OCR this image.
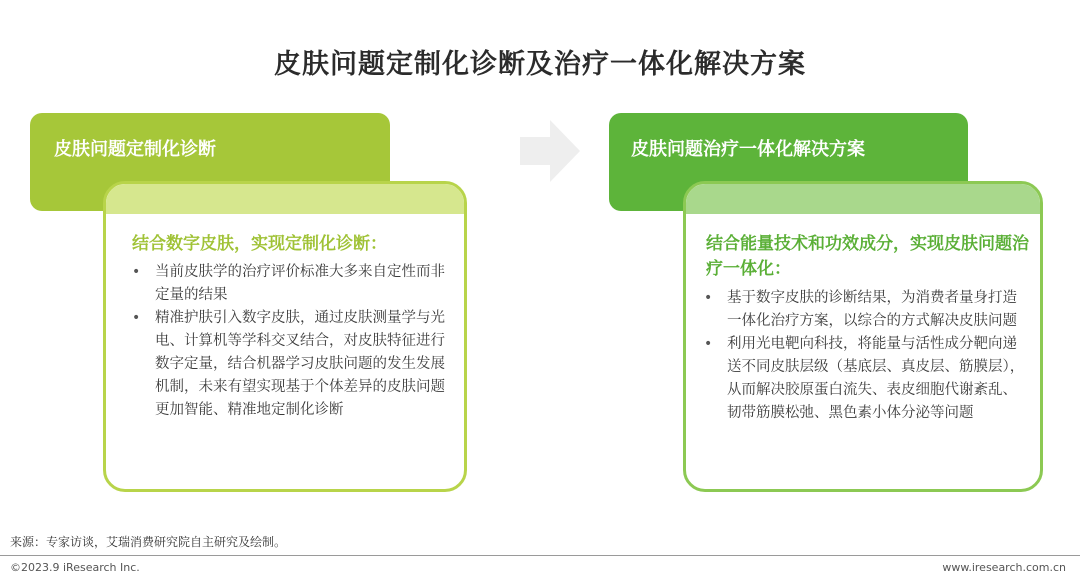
皮肤问题定制化诊断及治疗一体化解决方案
皮肤问题定制化诊断	皮肤问题治疗一体化解决方案
结合数字皮肤，实现定制化诊断：
• 当前皮肤学的治疗评价标准大多来自定性而非定量的结果
• 精准护肤引入数字皮肤，通过皮肤测量学与光电、计算机等学科交叉结合，对皮肤特征进行数字定量，结合机器学习皮肤问题的发生发展机制，未来有望实现基于个体差异的皮肤问题更加智能、精准地定制化诊断
结合能量技术和功效成分，实现皮肤问题治疗一体化：
• 基于数字皮肤的诊断结果，为消费者量身打造一体化治疗方案，以综合的方式解决皮肤问题
• 利用光电靶向科技，将能量与活性成分靶向递送不同皮肤层级（基底层、真皮层、筋膜层），从而解决胶原蛋白流失、表皮细胞代谢紊乱、韧带筋膜松弛、黑色素小体分泌等问题
来源：专家访谈，艾瑞消费研究院自主研究及绘制。
©2023.9 iResearch Inc.	www.iresearch.com.cn
